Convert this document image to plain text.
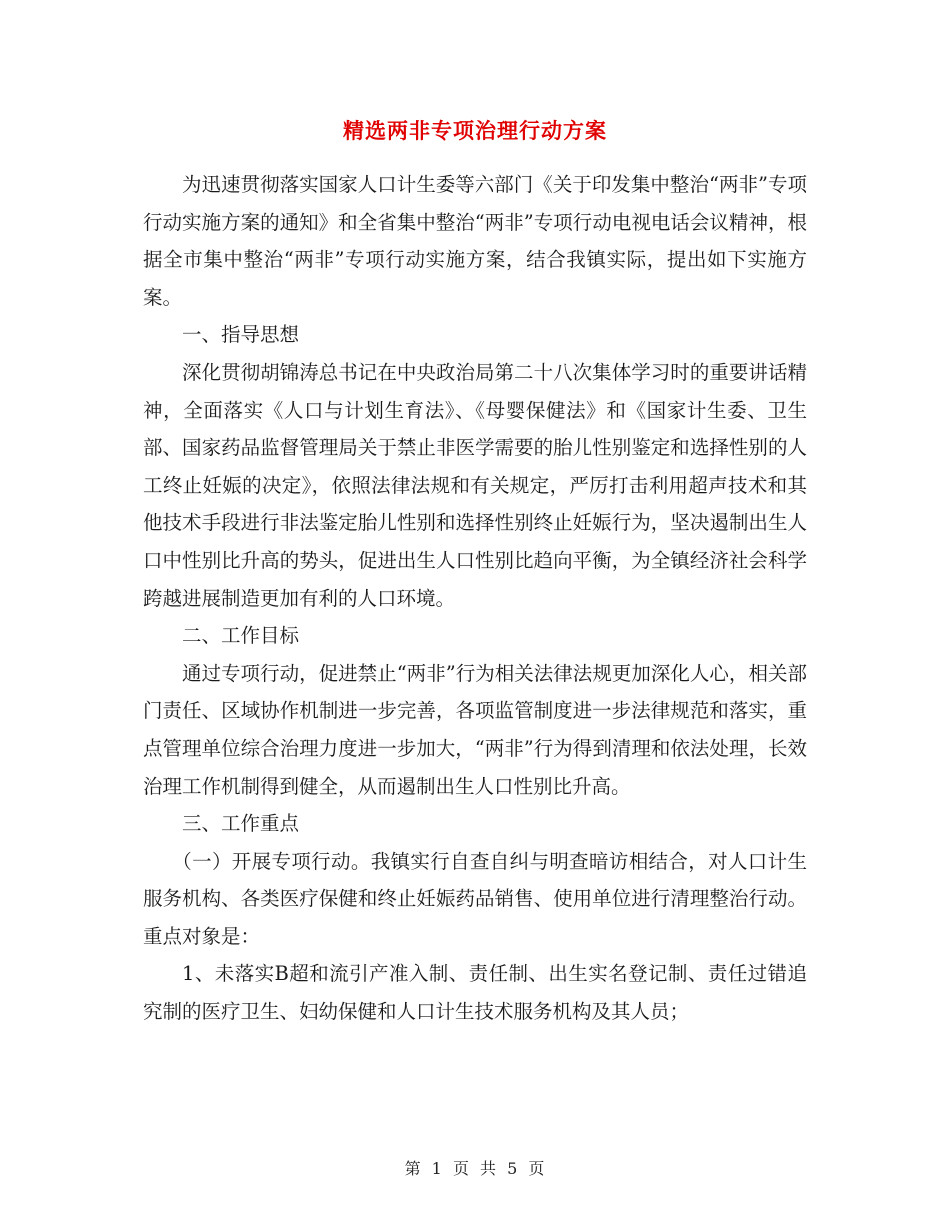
精选两非专项治理行动方案

为迅速贯彻落实国家人口计生委等六部门《关于印发集中整治“两非”专项行动实施方案的通知》和全省集中整治“两非”专项行动电视电话会议精神，根据全市集中整治“两非”专项行动实施方案，结合我镇实际，提出如下实施方案。

一、指导思想

深化贯彻胡锦涛总书记在中央政治局第二十八次集体学习时的重要讲话精神，全面落实《人口与计划生育法》、《母婴保健法》和《国家计生委、卫生部、国家药品监督管理局关于禁止非医学需要的胎儿性别鉴定和选择性别的人工终止妊娠的决定》，依照法律法规和有关规定，严厉打击利用超声技术和其他技术手段进行非法鉴定胎儿性别和选择性别终止妊娠行为，坚决遏制出生人口中性别比升高的势头，促进出生人口性别比趋向平衡，为全镇经济社会科学跨越进展制造更加有利的人口环境。

二、工作目标

通过专项行动，促进禁止“两非”行为相关法律法规更加深化人心，相关部门责任、区域协作机制进一步完善，各项监管制度进一步法律规范和落实，重点管理单位综合治理力度进一步加大，“两非”行为得到清理和依法处理，长效治理工作机制得到健全，从而遏制出生人口性别比升高。

三、工作重点

（一）开展专项行动。我镇实行自查自纠与明查暗访相结合，对人口计生服务机构、各类医疗保健和终止妊娠药品销售、使用单位进行清理整治行动。重点对象是：

1、未落实B超和流引产准入制、责任制、出生实名登记制、责任过错追究制的医疗卫生、妇幼保健和人口计生技术服务机构及其人员；

第 1 页 共 5 页
